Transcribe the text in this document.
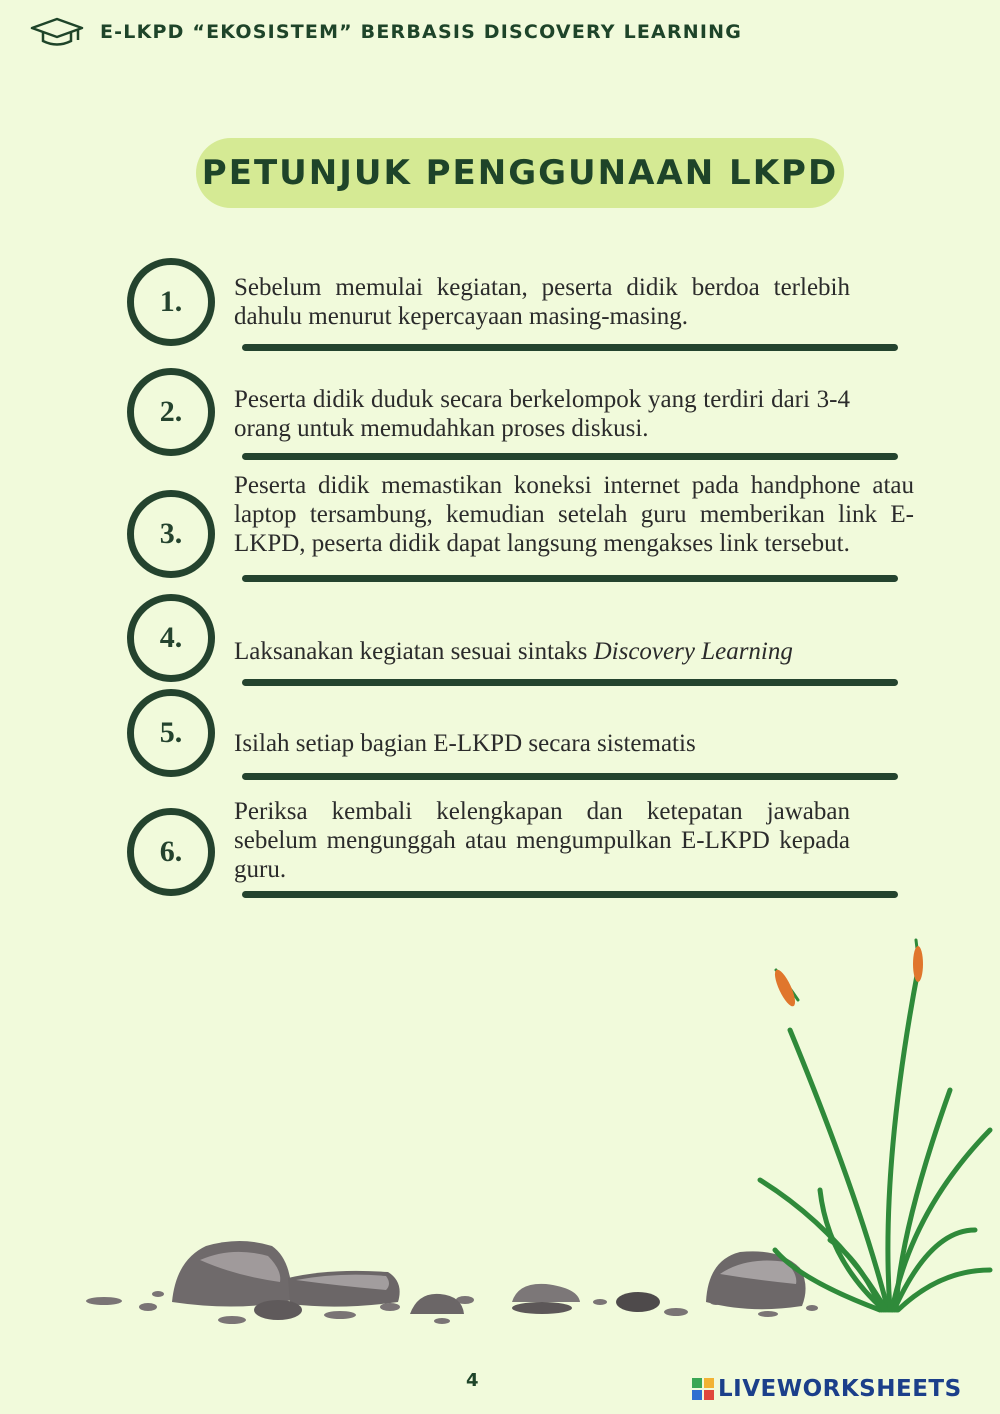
E-LKPD “EKOSISTEM” BERBASIS DISCOVERY LEARNING
PETUNJUK PENGGUNAAN LKPD
1.	Sebelum memulai kegiatan, peserta didik berdoa terlebih dahulu menurut kepercayaan masing-masing.
2.	Peserta didik duduk secara berkelompok yang terdiri dari 3-4 orang untuk memudahkan proses diskusi.
3.
Peserta didik memastikan koneksi internet pada handphone atau laptop tersambung, kemudian setelah guru memberikan link E-LKPD, peserta didik dapat langsung mengakses link tersebut.
4.	Laksanakan kegiatan sesuai sintaks Discovery Learning
5.	Isilah setiap bagian E-LKPD secara sistematis
6.
Periksa kembali kelengkapan dan ketepatan jawaban sebelum mengunggah atau mengumpulkan E-LKPD kepada guru.
4	LIVEWORKSHEETS
